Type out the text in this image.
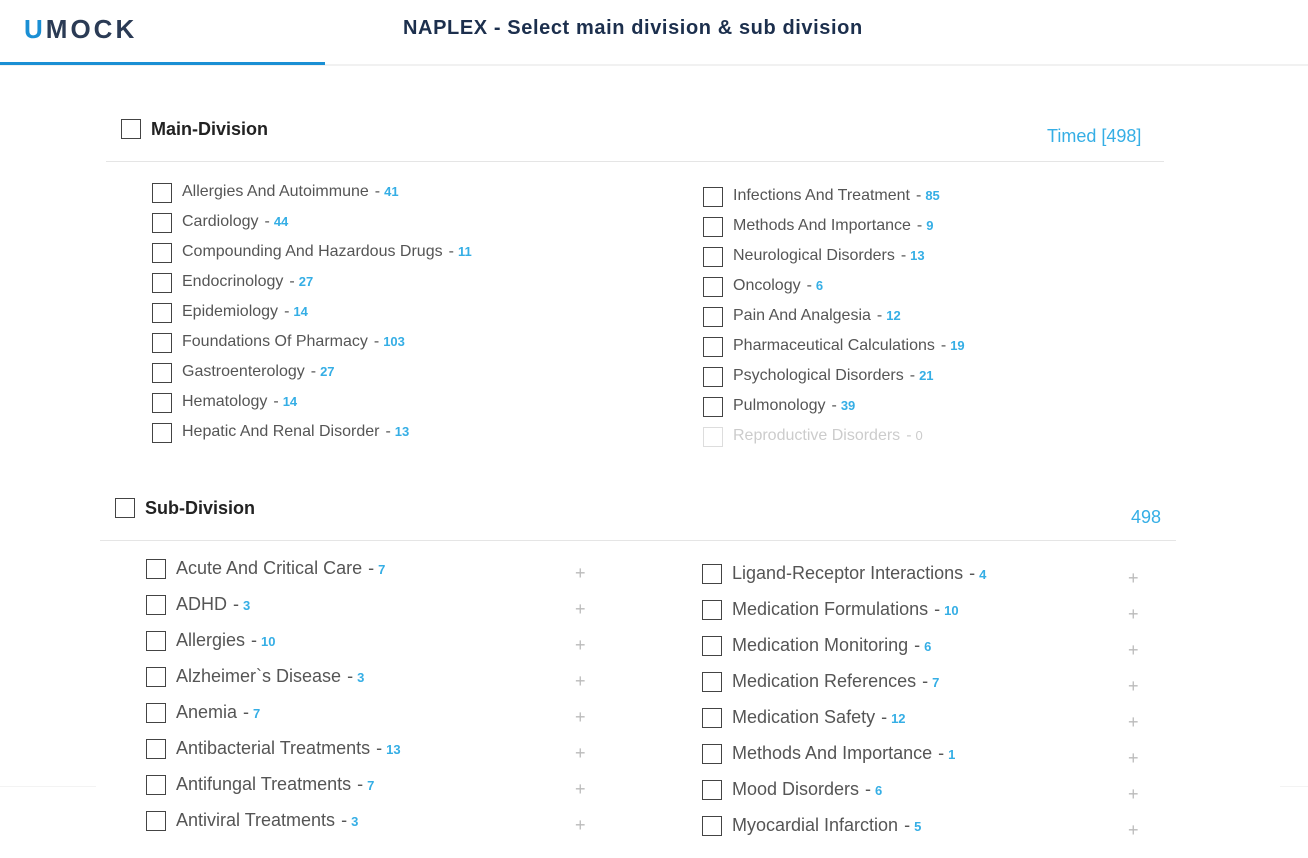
UMOCK	NAPLEX - Select main division & sub division
Main-Division	Timed [498]
Allergies And Autoimmune - 41
Cardiology - 44
Compounding And Hazardous Drugs - 11
Endocrinology - 27
Epidemiology - 14
Foundations Of Pharmacy - 103
Gastroenterology - 27
Hematology - 14
Hepatic And Renal Disorder - 13
Infections And Treatment - 85
Methods And Importance - 9
Neurological Disorders - 13
Oncology - 6
Pain And Analgesia - 12
Pharmaceutical Calculations - 19
Psychological Disorders - 21
Pulmonology - 39
Reproductive Disorders - 0
Sub-Division	498
Acute And Critical Care - 7	+
ADHD - 3	+
Allergies - 10	+
Alzheimer`s Disease - 3	+
Anemia - 7	+
Antibacterial Treatments - 13	+
Antifungal Treatments - 7	+
Antiviral Treatments - 3	+
Ligand-Receptor Interactions - 4	+
Medication Formulations - 10	+
Medication Monitoring - 6	+
Medication References - 7	+
Medication Safety - 12	+
Methods And Importance - 1	+
Mood Disorders - 6	+
Myocardial Infarction - 5	+
